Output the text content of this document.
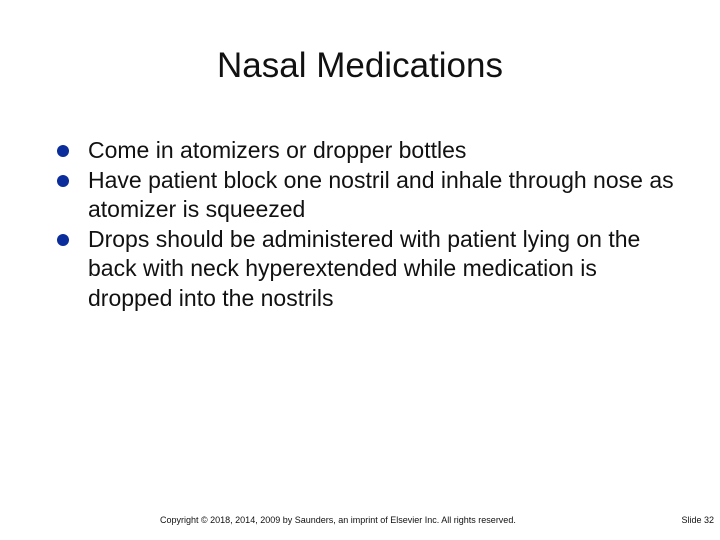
Nasal Medications
Come in atomizers or dropper bottles
Have patient block one nostril and inhale through nose as atomizer is squeezed
Drops should be administered with patient lying on the back with neck hyperextended while medication is dropped into the nostrils
Copyright © 2018, 2014, 2009 by Saunders, an imprint of Elsevier Inc. All rights reserved.	Slide 32
